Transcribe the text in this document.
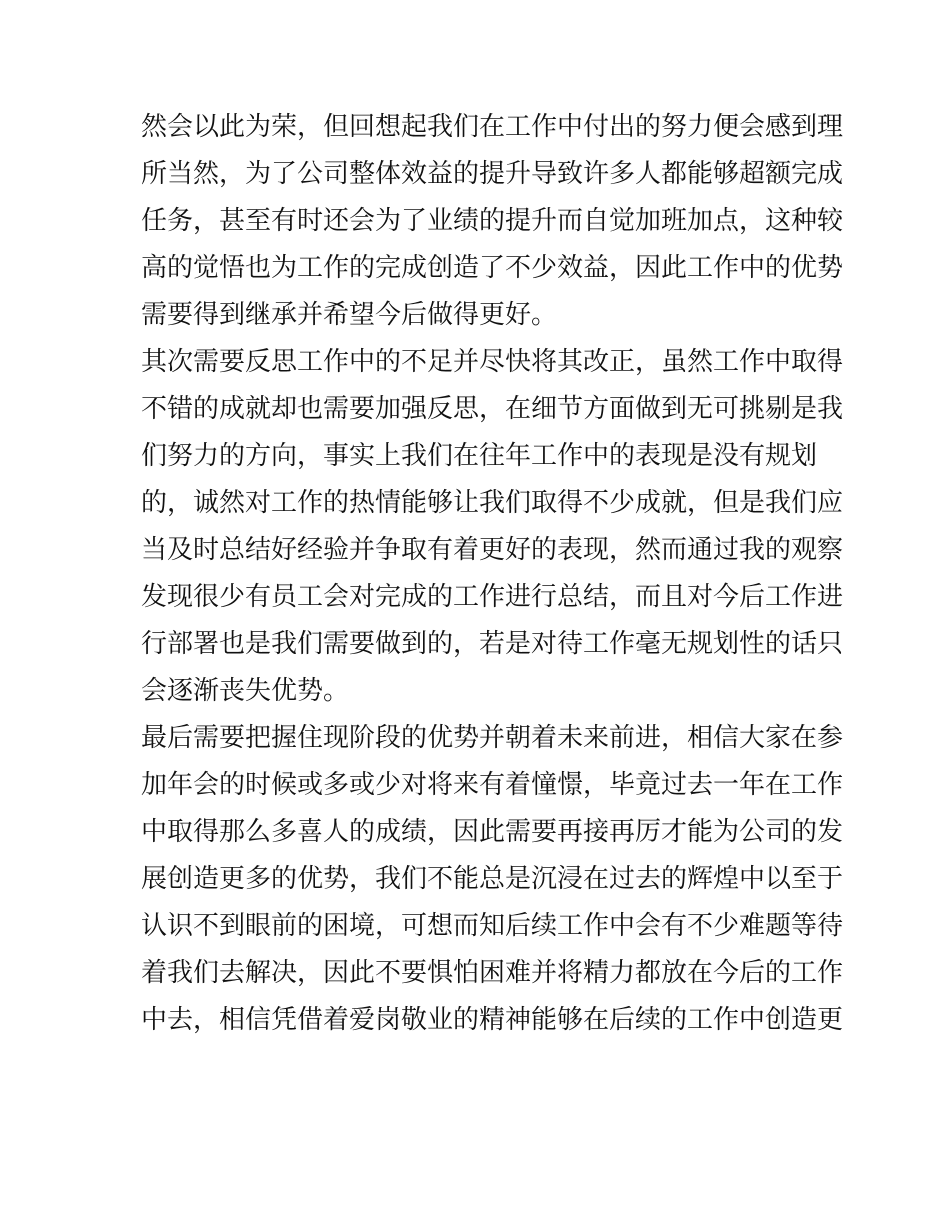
然会以此为荣，但回想起我们在工作中付出的努力便会感到理
所当然，为了公司整体效益的提升导致许多人都能够超额完成
任务，甚至有时还会为了业绩的提升而自觉加班加点，这种较
高的觉悟也为工作的完成创造了不少效益，因此工作中的优势
需要得到继承并希望今后做得更好。
其次需要反思工作中的不足并尽快将其改正，虽然工作中取得
不错的成就却也需要加强反思，在细节方面做到无可挑剔是我
们努力的方向，事实上我们在往年工作中的表现是没有规划
的，诚然对工作的热情能够让我们取得不少成就，但是我们应
当及时总结好经验并争取有着更好的表现，然而通过我的观察
发现很少有员工会对完成的工作进行总结，而且对今后工作进
行部署也是我们需要做到的，若是对待工作毫无规划性的话只
会逐渐丧失优势。
最后需要把握住现阶段的优势并朝着未来前进，相信大家在参
加年会的时候或多或少对将来有着憧憬，毕竟过去一年在工作
中取得那么多喜人的成绩，因此需要再接再厉才能为公司的发
展创造更多的优势，我们不能总是沉浸在过去的辉煌中以至于
认识不到眼前的困境，可想而知后续工作中会有不少难题等待
着我们去解决，因此不要惧怕困难并将精力都放在今后的工作
中去，相信凭借着爱岗敬业的精神能够在后续的工作中创造更
